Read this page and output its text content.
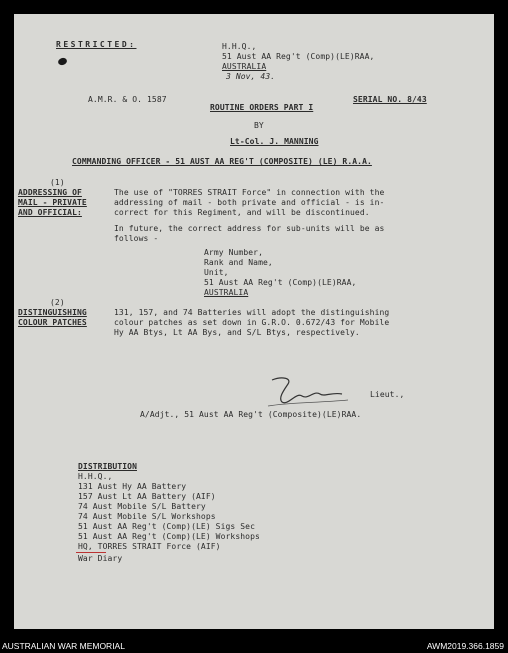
RESTRICTED:	H.H.Q.,
51 Aust AA Reg't (Comp)(LE)RAA,
AUSTRALIA
3 Nov, 43.
A.M.R. & O. 1587
ROUTINE ORDERS PART I
SERIAL NO. 8/43
BY
Lt-Col. J. MANNING
COMMANDING OFFICER - 51 AUST AA REG'T (COMPOSITE) (LE) R.A.A.
(1)
ADDRESSING OF
MAIL - PRIVATE
AND OFFICIAL:
The use of "TORRES STRAIT Force" in connection with the
addressing of mail - both private and official - is in-
correct for this Regiment, and will be discontinued.
In future, the correct address for sub-units will be as
follows -
Army Number,
Rank and Name,
Unit,
51 Aust AA Reg't (Comp)(LE)RAA,
AUSTRALIA
(2)
DISTINGUISHING
COLOUR PATCHES
131, 157, and 74 Batteries will adopt the distinguishing
colour patches as set down in G.R.O. 0.672/43 for Mobile
Hy AA Btys, Lt AA Bys, and S/L Btys, respectively.
Lieut.,
A/Adjt., 51 Aust AA Reg't (Composite)(LE)RAA.
DISTRIBUTION
H.H.Q.,
131 Aust Hy AA Battery
157 Aust Lt AA Battery (AIF)
74 Aust Mobile S/L Battery
74 Aust Mobile S/L Workshops
51 Aust AA Reg't (Comp)(LE) Sigs Sec
51 Aust AA Reg't (Comp)(LE) Workshops
HQ, TORRES STRAIT Force (AIF)
War Diary
AUSTRALIAN WAR MEMORIAL	AWM2019.366.1859
